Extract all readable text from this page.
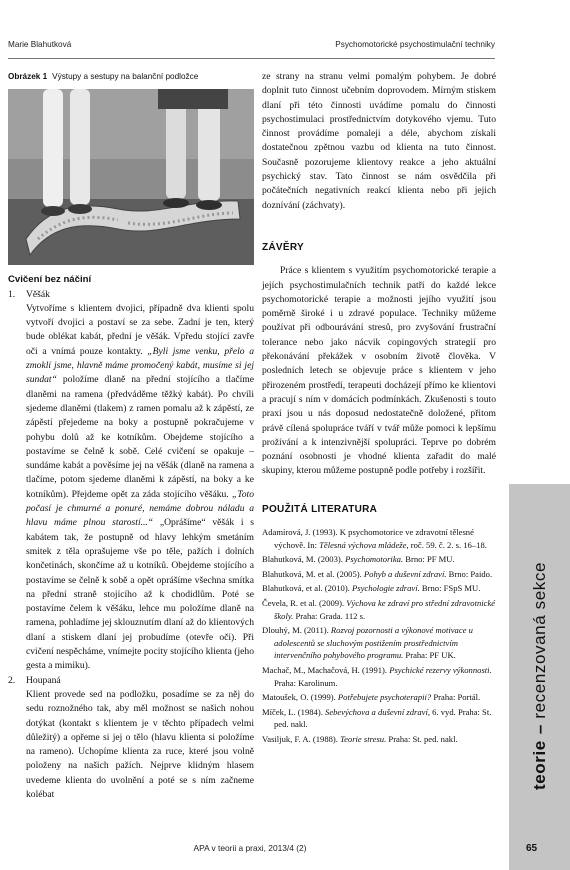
Marie Blahutková	Psychomotorické psychostimulační techniky
Obrázek 1 Výstupy a sestupy na balanční podložce
Cvičení bez náčiní
1.	Věšák

Vytvoříme s klientem dvojici, případně dva klienti spolu vytvoří dvojici a postaví se za sebe. Zadní je ten, který bude oblékat kabát, přední je věšák. Vpředu stojící zavře oči a vnímá pouze kontakty. „Byli jsme venku, přelo a zmoklí jsme, hlavně máme promočený kabát, musíme si jej sundat“ položíme dlaně na přední stojícího a tlačíme dlaněmi na ramena (předváděme těžký kabát). Po chvíli sjedeme dlaněmi (tlakem) z ramen pomalu až k zápěstí, ze zápěstí přejedeme na boky a postupně pokračujeme v pohybu dolů až ke kotníkům. Obejdeme stojícího a postavíme se čelně k sobě. Celé cvičení se opakuje – sundáme kabát a pověsíme jej na věšák (dlaně na ramena a tlačíme, potom sjedeme dlaněmi k zápěstí, na boky a ke kotníkům). Přejdeme opět za záda stojícího věšáku. „Toto počasí je chmurné a ponuré, nemáme dobrou náladu a hlavu máme plnou starostí...“ „Oprášíme“ věšák i s kabátem tak, že postupně od hlavy lehkým smetáním smitek z těla oprašujeme vše po těle, pažích i dolních končetinách, skončíme až u kotníků. Obejdeme stojícího a postavíme se čelně k sobě a opět oprášíme všechna smítka na přední straně stojícího až k chodidlům. Poté se postavíme čelem k věšáku, lehce mu položíme dlaně na ramena, pohladíme jej sklouznutím dlaní až do klientových dlaní a stiskem dlaní jej probudíme (otevře oči). Při cvičení nespěcháme, vnímejte pocity stojícího klienta (jeho gesta a mimiku).

2.	Houpaná

Klient provede sed na podložku, posadíme se za něj do sedu roznožného tak, aby měl možnost se našich nohou dotýkat (kontakt s klientem je v těchto případech velmi důležitý) a opřeme si jej o tělo (hlavu klienta si položíme na rameno). Uchopíme klienta za ruce, které jsou volně položeny na našich pažích. Nejprve klidným hlasem uvedeme klienta do uvolnění a poté se s ním začneme kolébat

ze strany na stranu velmi pomalým pohybem. Je dobré doplnit tuto činnost učebním doprovodem. Mírným stiskem dlaní při této činnosti uvádíme pomalu do činnosti psychostimulaci prostřednictvím dotykového vjemu. Tuto činnost provádíme pomaleji a déle, abychom získali dostatečnou zpětnou vazbu od klienta na tuto činnost. Současně pozorujeme klientovy reakce a jeho aktuální psychický stav. Tato činnost se nám osvědčila při počátečních negativních reakcí klienta nebo při jejich doznívání (záchvaty).

ZÁVĚRY

Práce s klientem s využitím psychomotorické terapie a jejích psychostimulačních technik patří do každé lekce psychomotorické terapie a možnosti jejího využití jsou poměrně široké i u zdravé populace. Techniky můžeme používat při odbourávání stresů, pro zvyšování frustrační tolerance nebo jako nácvik copingových strategií pro překonávání překážek v osobním životě člověka. V posledních letech se objevuje práce s klientem v jeho přirozeném prostředí, terapeuti docházejí přímo ke klientovi a pracují s ním v domácích podmínkách. Zkušenosti s touto praxí jsou u nás doposud nedostatečně doložené, přitom právě cílená spolupráce tváří v tvář může pomoci k lepšímu prožívání a k intenzivnější spolupráci. Teprve po dobrém poznání osobnosti je vhodné klienta zařadit do malé skupiny, kterou můžeme postupně podle potřeby i rozšířit.

POUŽITÁ LITERATURA
Adamírová, J. (1993). K psychomotorice ve zdravotní tělesné výchově. In: Tělesná výchova mládeže, roč. 59. č. 2. s. 16–18.
Blahutková, M. (2003). Psychomotorika. Brno: PF MU.
Blahutková, M. et al. (2005). Pohyb a duševní zdraví. Brno: Paido.
Blahutková, et al. (2010). Psychologie zdraví. Brno: FSpS MU.
Čevela, R. et al. (2009). Výchova ke zdraví pro střední zdravotnické školy. Praha: Grada. 112 s.
Dlouhý, M. (2011). Rozvoj pozornosti a výkonové motivace u adolescentů se sluchovým postižením prostřednictvím intervenčního pohybového programu. Praha: PF UK.
Machač, M., Machačová, H. (1991). Psychické rezervy výkonnosti. Praha: Karolinum.
Matoušek, O. (1999). Potřebujete psychoterapii? Praha: Portál.
Míček, L. (1984). Sebevýchova a duševní zdraví, 6. vyd. Praha: St. ped. nakl.
Vasiljuk, F. A. (1988). Teorie stresu. Praha: St. ped. nakl.
teorie–recenzovaná sekce
APA v teorii a praxi, 2013/4 (2)	65
